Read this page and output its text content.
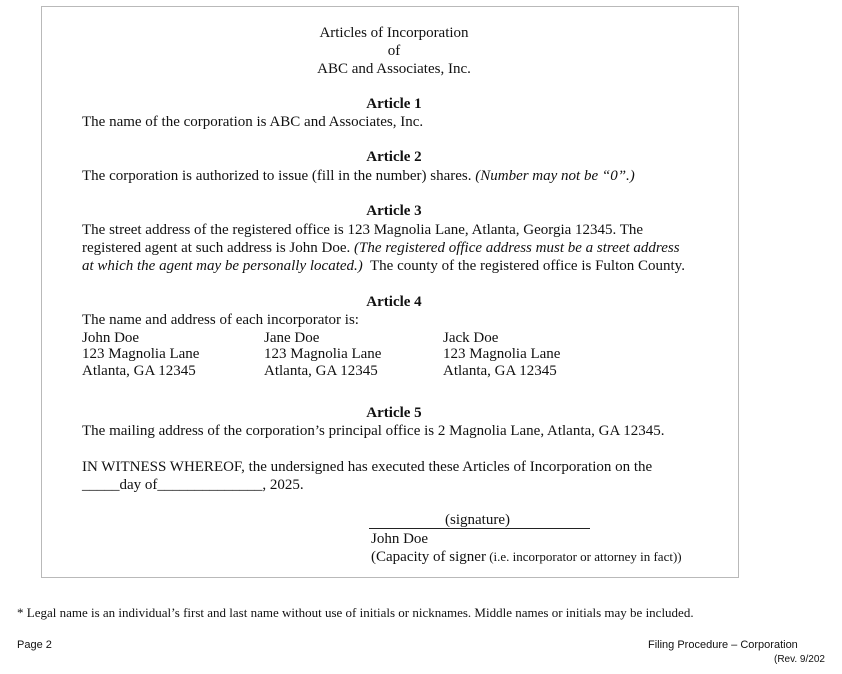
Articles of Incorporation
of
ABC and Associates, Inc.
Article 1
The name of the corporation is ABC and Associates, Inc.
Article 2
The corporation is authorized to issue (fill in the number) shares. (Number may not be “0”.)
Article 3
The street address of the registered office is 123 Magnolia Lane, Atlanta, Georgia 12345. The
registered agent at such address is John Doe. (The registered office address must be a street address
at which the agent may be personally located.) The county of the registered office is Fulton County.
Article 4
The name and address of each incorporator is:
John Doe
123 Magnolia Lane
Atlanta, GA 12345
Jane Doe
123 Magnolia Lane
Atlanta, GA 12345
Jack Doe
123 Magnolia Lane
Atlanta, GA 12345
Article 5
The mailing address of the corporation’s principal office is 2 Magnolia Lane, Atlanta, GA 12345.
IN WITNESS WHEREOF, the undersigned has executed these Articles of Incorporation on the
_____day of______________, 2025.
(signature)
John Doe
(Capacity of signer (i.e. incorporator or attorney in fact))
* Legal name is an individual’s first and last name without use of initials or nicknames. Middle names or initials may be included.
Page 2	Filing Procedure – Corporation
(Rev. 9/202
